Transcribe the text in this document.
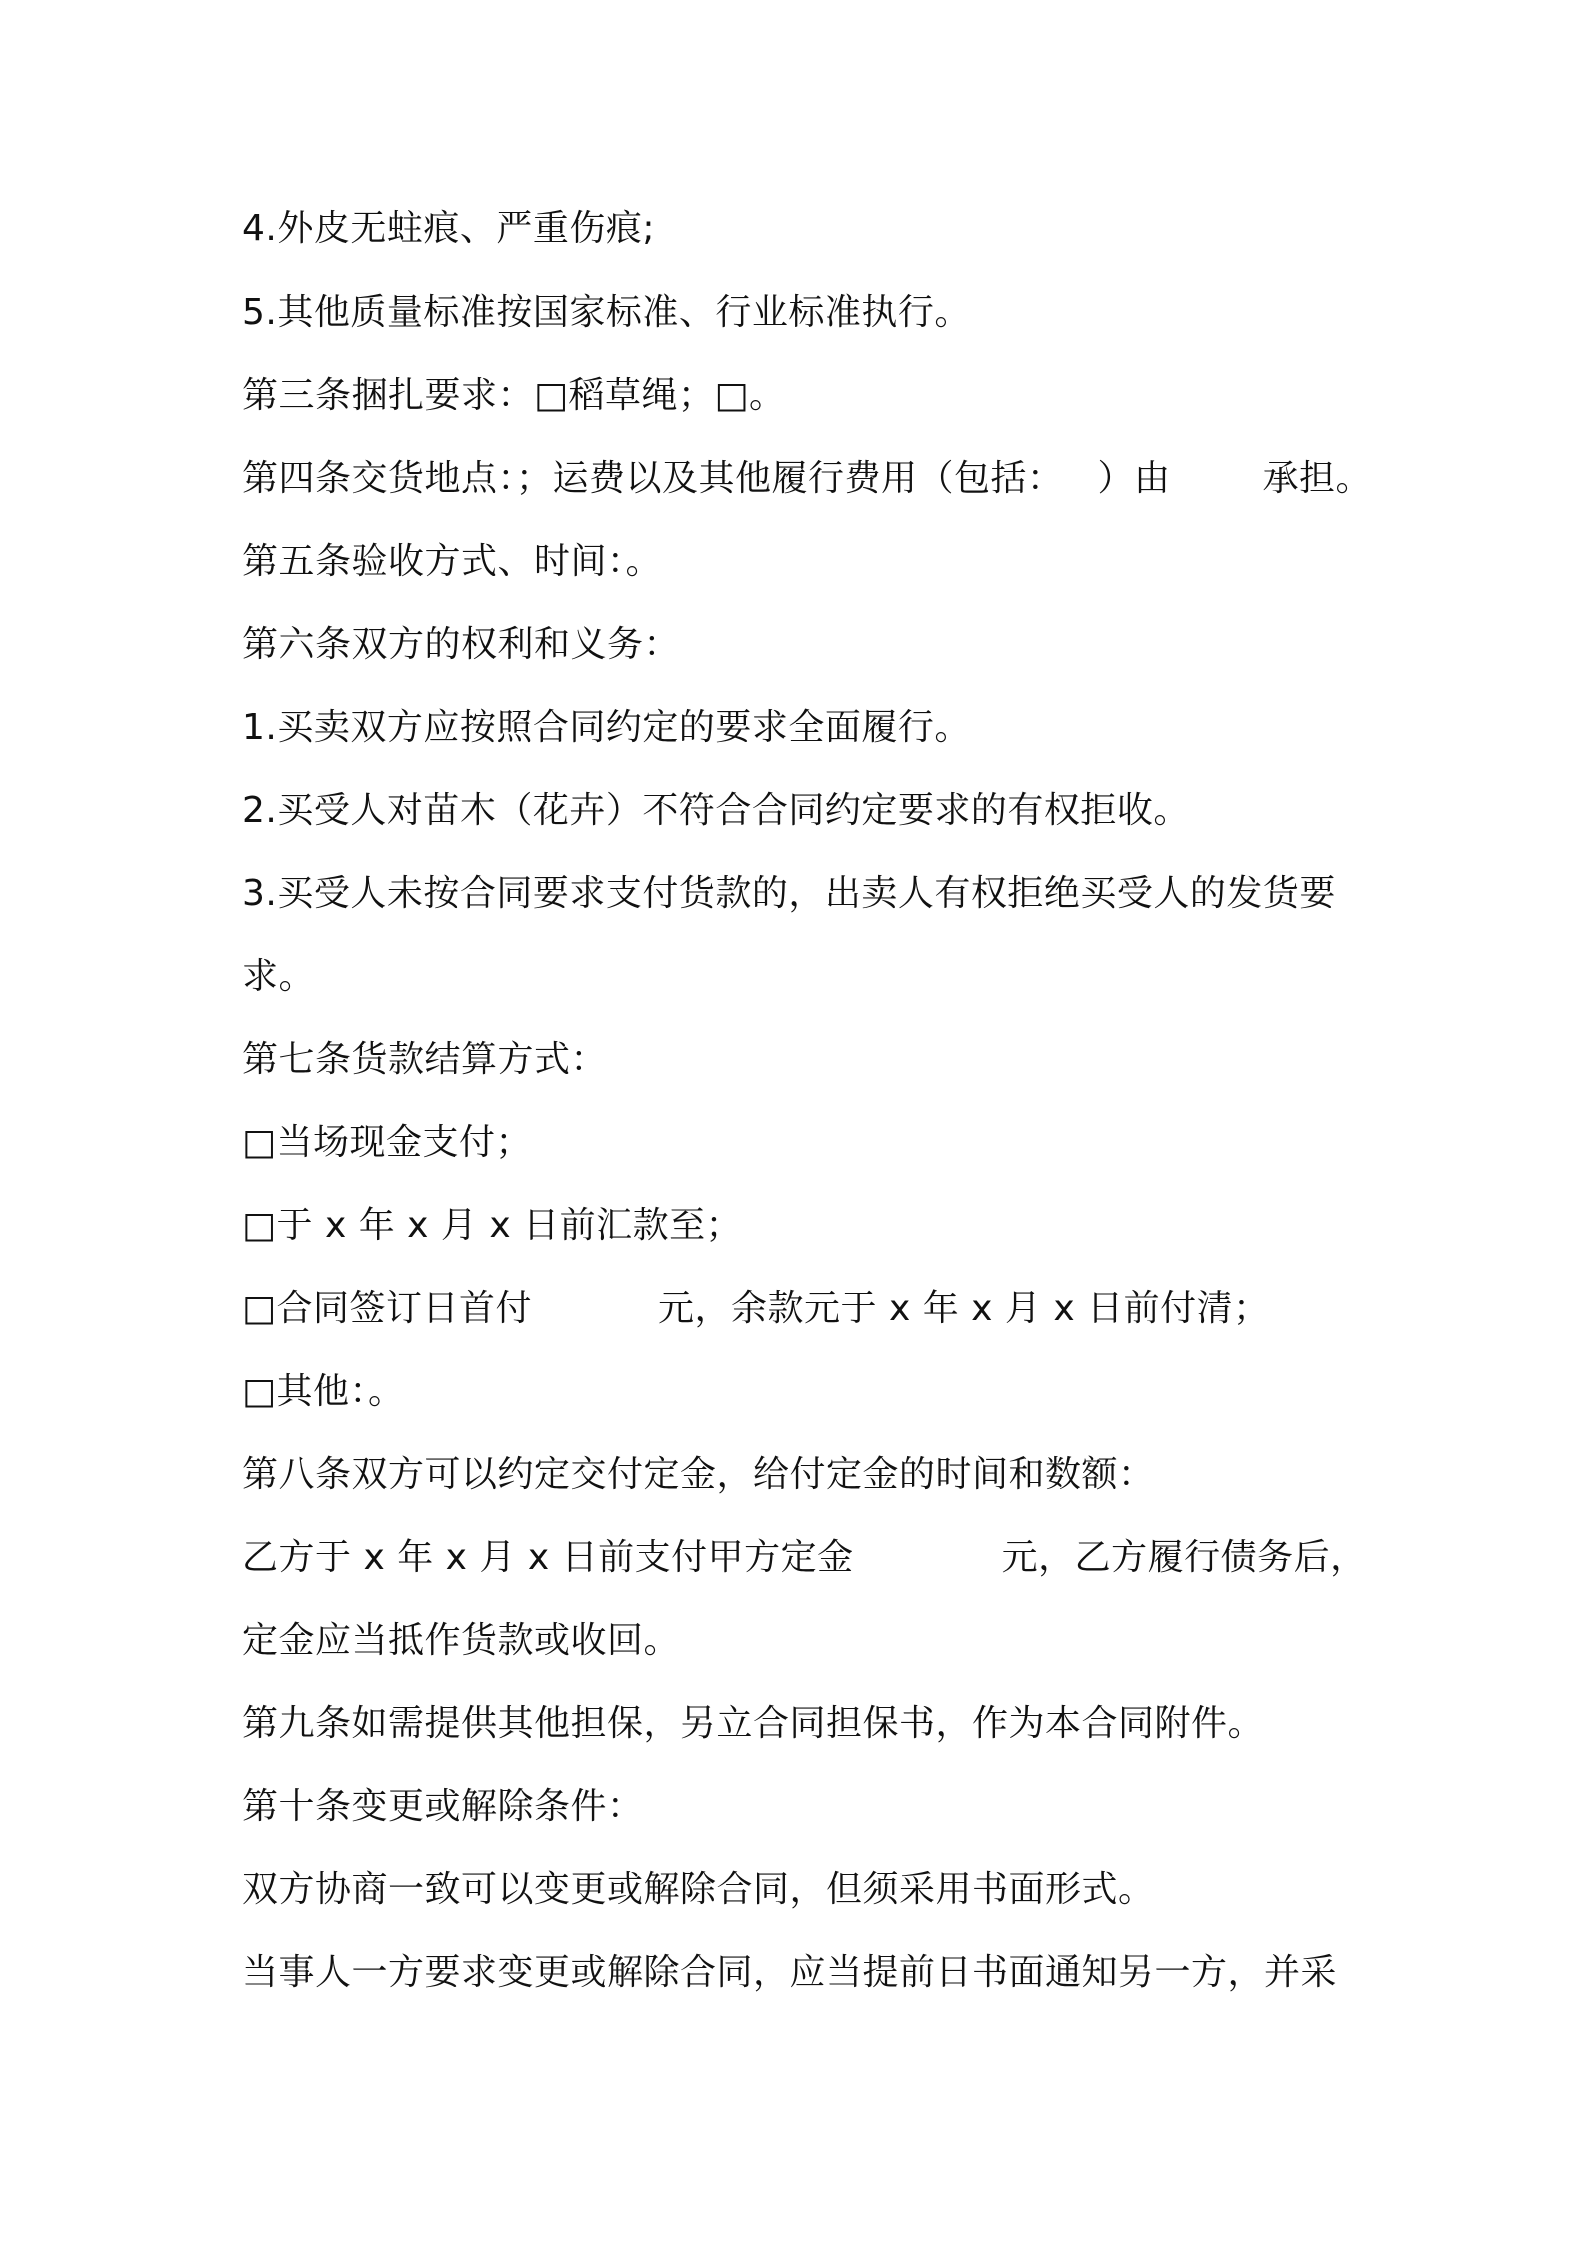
4.外皮无蛀痕、严重伤痕;
5.其他质量标准按国家标准、行业标准执行。
第三条捆扎要求：□稻草绳；□。
第四条交货地点：；运费以及其他履行费用（包括： ）由	承担。
第五条验收方式、时间：。
第六条双方的权利和义务：
1.买卖双方应按照合同约定的要求全面履行。
2.买受人对苗木（花卉）不符合合同约定要求的有权拒收。
3.买受人未按合同要求支付货款的，出卖人有权拒绝买受人的发货要
求。
第七条货款结算方式：
□当场现金支付；
□于 x 年 x 月 x 日前汇款至；
□合同签订日首付	元，余款元于 x 年 x 月 x 日前付清；
□其他：。
第八条双方可以约定交付定金，给付定金的时间和数额：
乙方于 x 年 x 月 x 日前支付甲方定金	元，乙方履行债务后，
定金应当抵作货款或收回。
第九条如需提供其他担保，另立合同担保书，作为本合同附件。
第十条变更或解除条件：
双方协商一致可以变更或解除合同，但须采用书面形式。
当事人一方要求变更或解除合同，应当提前日书面通知另一方，并采
